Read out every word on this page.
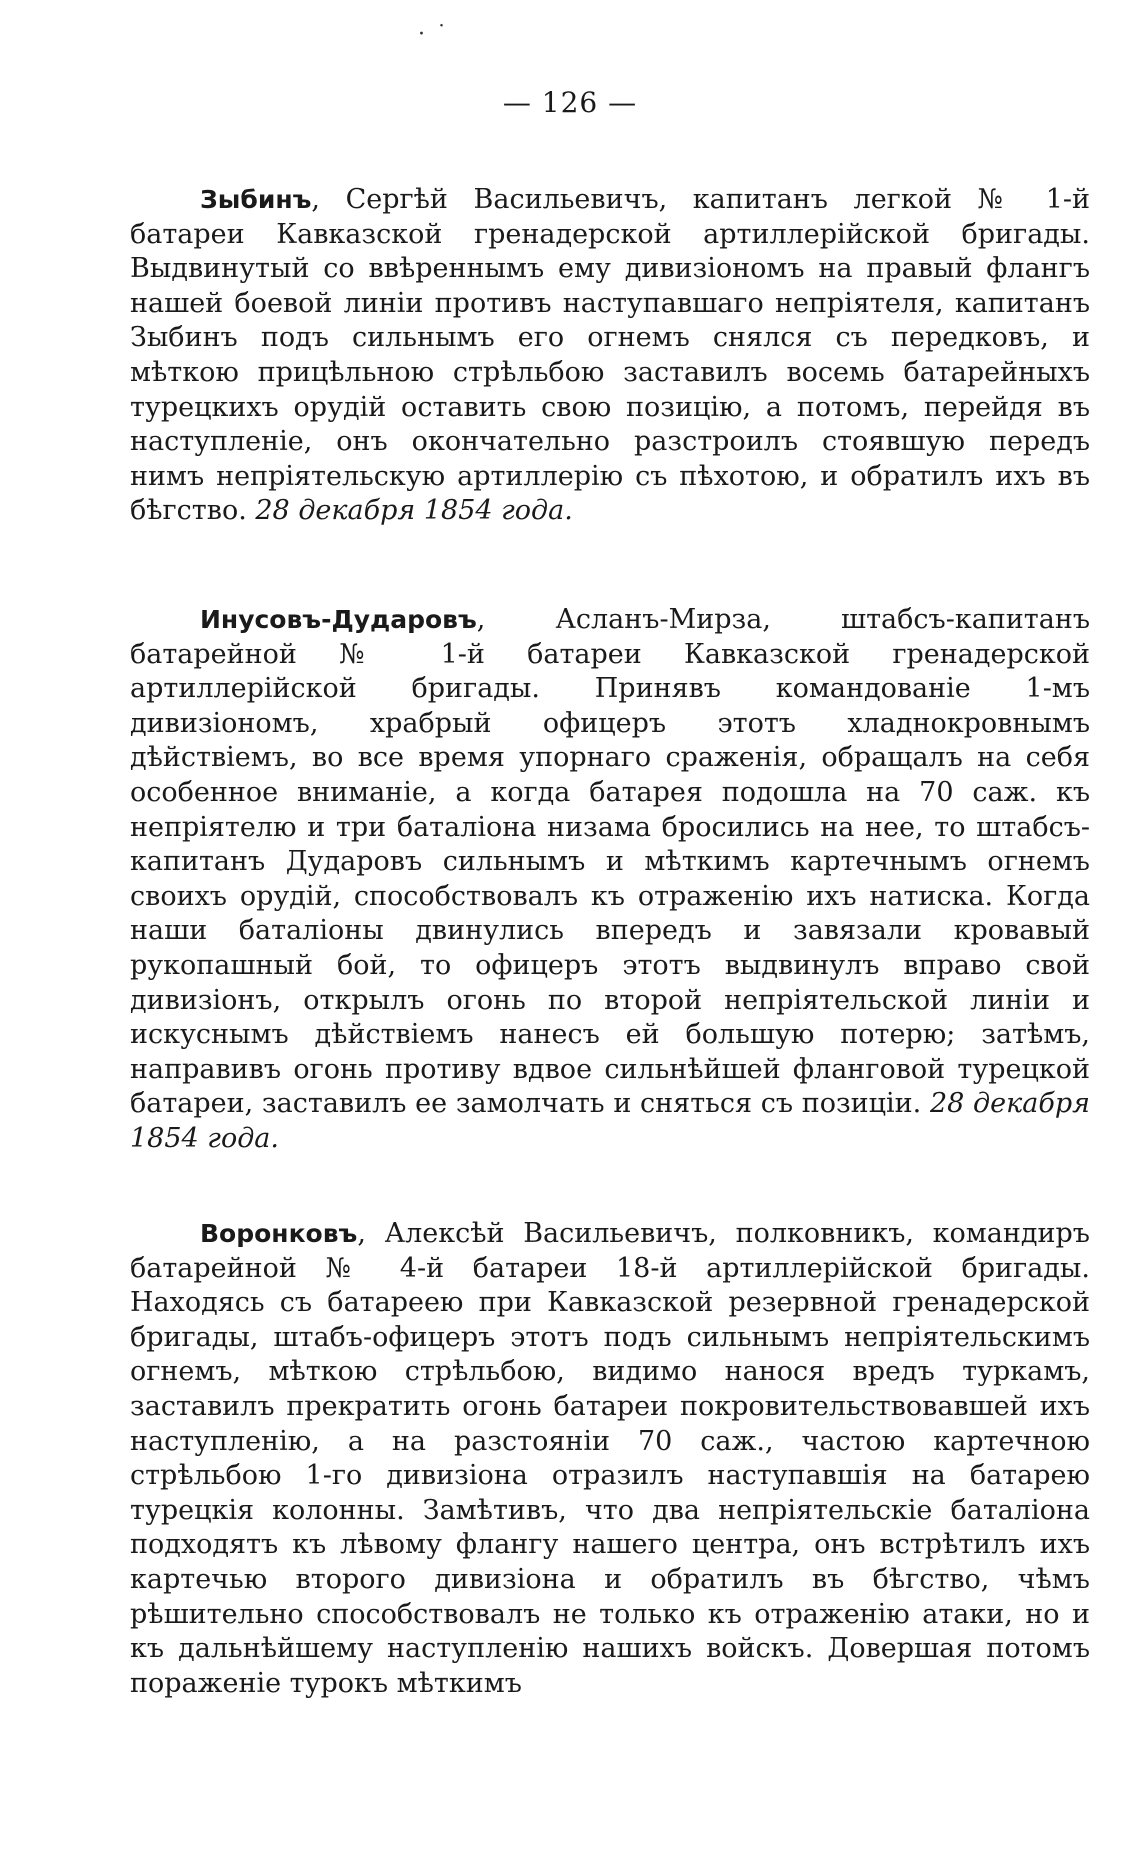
· ˙
— 126 —

Зыбинъ, Сергѣй Васильевичъ, капитанъ легкой № 1-й батареи Кавказской гренадерской артиллерійской бригады. Выдвинутый со ввѣреннымъ ему дивизіономъ на правый флангъ нашей боевой линіи противъ наступавшаго непріятеля, капитанъ Зыбинъ подъ сильнымъ его огнемъ снялся съ передковъ, и мѣткою прицѣльною стрѣльбою заставилъ восемь батарейныхъ турецкихъ орудій оставить свою позицію, а потомъ, перейдя въ наступленіе, онъ окончательно разстроилъ стоявшую передъ нимъ непріятельскую артиллерію съ пѣхотою, и обратилъ ихъ въ бѣгство. 28 декабря 1854 года.

Инусовъ-Дударовъ, Асланъ-Мирза, штабсъ-капитанъ батарейной № 1-й батареи Кавказской гренадерской артиллерійской бригады. Принявъ командованіе 1-мъ дивизіономъ, храбрый офицеръ этотъ хладнокровнымъ дѣйствіемъ, во все время упорнаго сраженія, обращалъ на себя особенное вниманіе, а когда батарея подошла на 70 саж. къ непріятелю и три баталіона низама бросились на нее, то штабсъ-капитанъ Дударовъ сильнымъ и мѣткимъ картечнымъ огнемъ своихъ орудій, способствовалъ къ отраженію ихъ натиска. Когда наши баталіоны двинулись впередъ и завязали кровавый рукопашный бой, то офицеръ этотъ выдвинулъ вправо свой дивизіонъ, открылъ огонь по второй непріятельской линіи и искуснымъ дѣйствіемъ нанесъ ей большую потерю; затѣмъ, направивъ огонь противу вдвое сильнѣйшей фланговой турецкой батареи, заставилъ ее замолчать и сняться съ позиціи. 28 декабря 1854 года.

Воронковъ, Алексѣй Васильевичъ, полковникъ, командиръ батарейной № 4-й батареи 18-й артиллерійской бригады. Находясь съ батареею при Кавказской резервной гренадерской бригады, штабъ-офицеръ этотъ подъ сильнымъ непріятельскимъ огнемъ, мѣткою стрѣльбою, видимо нанося вредъ туркамъ, заставилъ прекратить огонь батареи покровительствовавшей ихъ наступленію, а на разстояніи 70 саж., частою картечною стрѣльбою 1-го дивизіона отразилъ наступавшія на батарею турецкія колонны. Замѣтивъ, что два непріятельскіе баталіона подходятъ къ лѣвому флангу нашего центра, онъ встрѣтилъ ихъ картечью второго дивизіона и обратилъ въ бѣгство, чѣмъ рѣшительно способствовалъ не только къ отраженію атаки, но и къ дальнѣйшему наступленію нашихъ войскъ. Довершая потомъ пораженіе турокъ мѣткимъ
